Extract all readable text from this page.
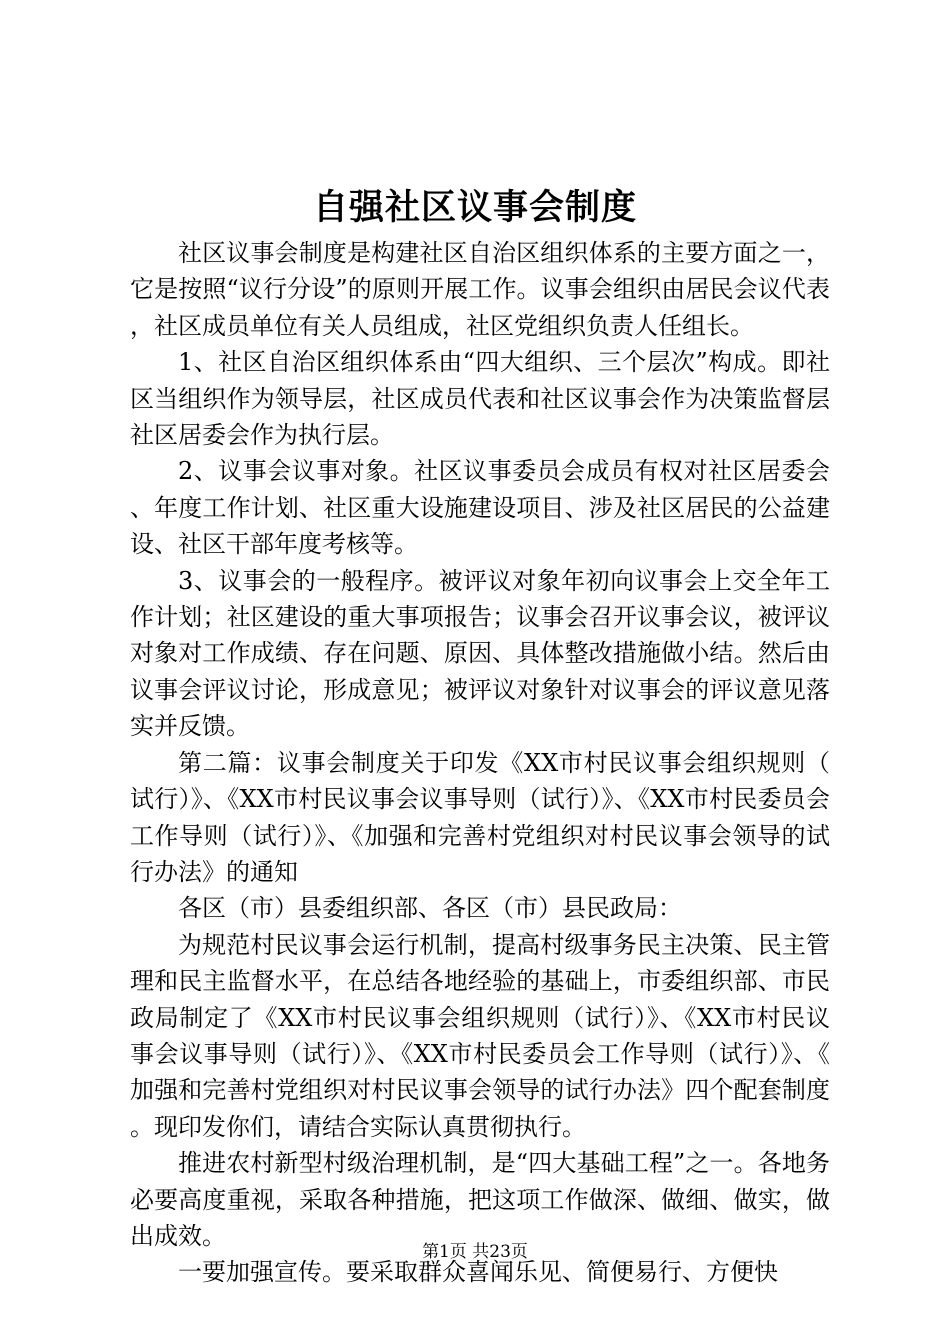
自强社区议事会制度

社区议事会制度是构建社区自治区组织体系的主要方面之一，它是按照“议行分设”的原则开展工作。议事会组织由居民会议代表，社区成员单位有关人员组成，社区党组织负责人任组长。

1、社区自治区组织体系由“四大组织、三个层次”构成。即社区当组织作为领导层，社区成员代表和社区议事会作为决策监督层社区居委会作为执行层。

2、议事会议事对象。社区议事委员会成员有权对社区居委会、年度工作计划、社区重大设施建设项目、涉及社区居民的公益建设、社区干部年度考核等。

3、议事会的一般程序。被评议对象年初向议事会上交全年工作计划；社区建设的重大事项报告；议事会召开议事会议，被评议对象对工作成绩、存在问题、原因、具体整改措施做小结。然后由议事会评议讨论，形成意见；被评议对象针对议事会的评议意见落实并反馈。

第二篇：议事会制度关于印发《XX市村民议事会组织规则（试行）》、《XX市村民议事会议事导则（试行）》、《XX市村民委员会工作导则（试行）》、《加强和完善村党组织对村民议事会领导的试行办法》的通知

各区（市）县委组织部、各区（市）县民政局：

为规范村民议事会运行机制，提高村级事务民主决策、民主管理和民主监督水平，在总结各地经验的基础上，市委组织部、市民政局制定了《XX市村民议事会组织规则（试行）》、《XX市村民议事会议事导则（试行）》、《XX市村民委员会工作导则（试行）》、《加强和完善村党组织对村民议事会领导的试行办法》四个配套制度。现印发你们，请结合实际认真贯彻执行。

推进农村新型村级治理机制，是“四大基础工程”之一。各地务必要高度重视，采取各种措施，把这项工作做深、做细、做实，做出成效。

一要加强宣传。要采取群众喜闻乐见、简便易行、方便快

第1页 共23页
